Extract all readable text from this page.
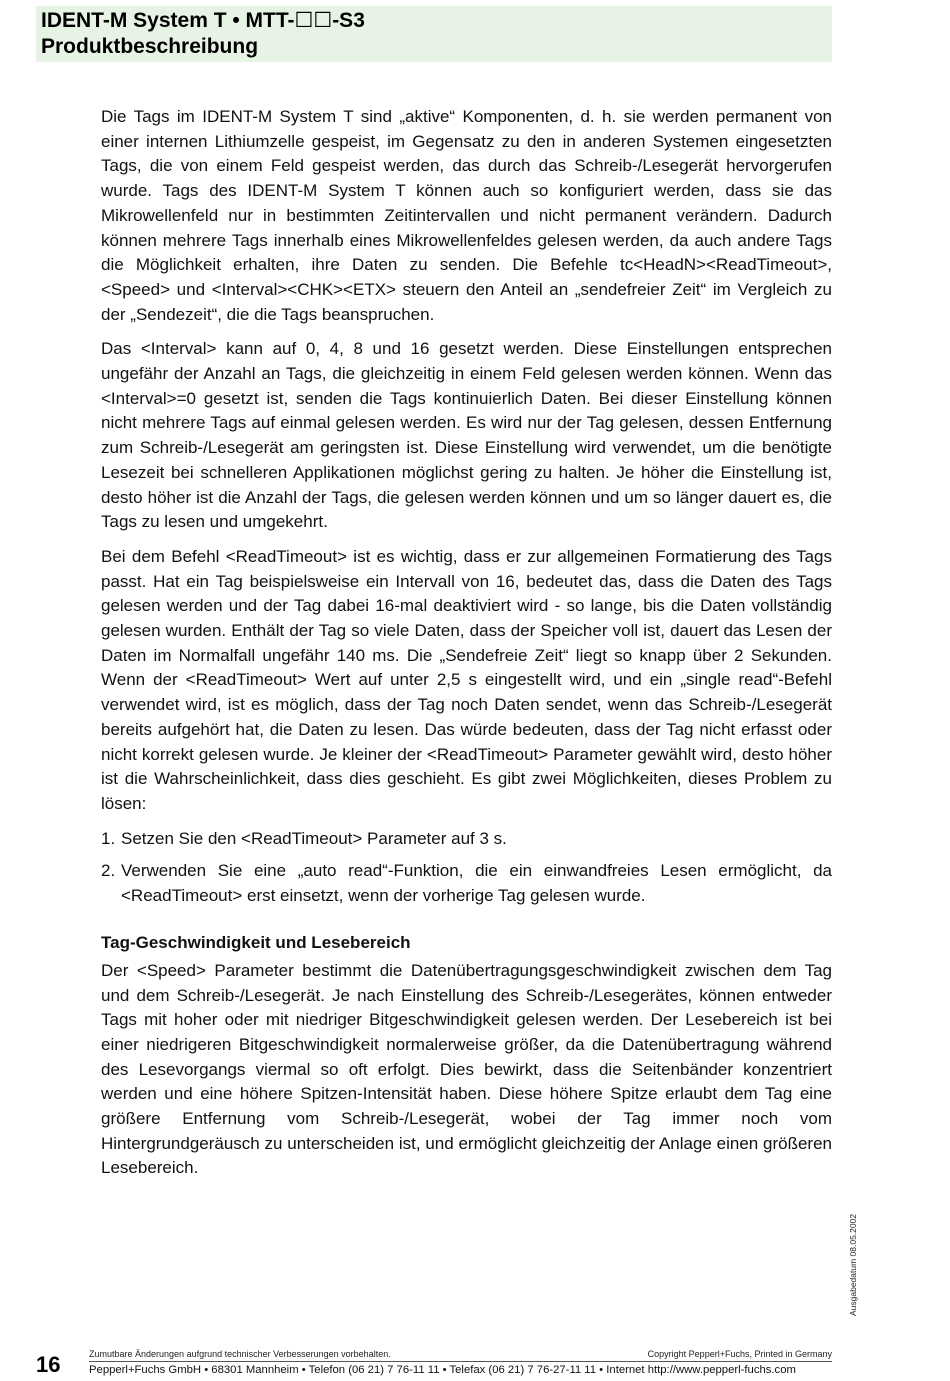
IDENT-M System T • MTT-☐☐-S3
Produktbeschreibung

Die Tags im IDENT-M System T sind „aktive“ Komponenten, d. h. sie werden permanent von einer internen Lithiumzelle gespeist, im Gegensatz zu den in anderen Systemen eingesetzten Tags, die von einem Feld gespeist werden, das durch das Schreib-/Lesegerät hervorgerufen wurde. Tags des IDENT-M System T können auch so konfiguriert werden, dass sie das Mikrowellenfeld nur in bestimmten Zeitintervallen und nicht permanent verändern. Dadurch können mehrere Tags innerhalb eines Mikrowellenfeldes gelesen werden, da auch andere Tags die Möglichkeit erhalten, ihre Daten zu senden. Die Befehle tc<HeadN><ReadTimeout>, <Speed> und <Interval><CHK><ETX> steuern den Anteil an „sendefreier Zeit“ im Vergleich zu der „Sendezeit“, die die Tags beanspruchen.

Das <Interval> kann auf 0, 4, 8 und 16 gesetzt werden. Diese Einstellungen entsprechen ungefähr der Anzahl an Tags, die gleichzeitig in einem Feld gelesen werden können. Wenn das <Interval>=0 gesetzt ist, senden die Tags kontinuierlich Daten. Bei dieser Einstellung können nicht mehrere Tags auf einmal gelesen werden. Es wird nur der Tag gelesen, dessen Entfernung zum Schreib-/Lesegerät am geringsten ist. Diese Einstellung wird verwendet, um die benötigte Lesezeit bei schnelleren Applikationen möglichst gering zu halten. Je höher die Einstellung ist, desto höher ist die Anzahl der Tags, die gelesen werden können und um so länger dauert es, die Tags zu lesen und umgekehrt.

Bei dem Befehl <ReadTimeout> ist es wichtig, dass er zur allgemeinen Formatierung des Tags passt. Hat ein Tag beispielsweise ein Intervall von 16, bedeutet das, dass die Daten des Tags gelesen werden und der Tag dabei 16-mal deaktiviert wird - so lange, bis die Daten vollständig gelesen wurden. Enthält der Tag so viele Daten, dass der Speicher voll ist, dauert das Lesen der Daten im Normalfall ungefähr 140 ms. Die „Sendefreie Zeit“ liegt so knapp über 2 Sekunden. Wenn der <ReadTimeout> Wert auf unter 2,5 s eingestellt wird, und ein „single read“-Befehl verwendet wird, ist es möglich, dass der Tag noch Daten sendet, wenn das Schreib-/Lesegerät bereits aufgehört hat, die Daten zu lesen. Das würde bedeuten, dass der Tag nicht erfasst oder nicht korrekt gelesen wurde. Je kleiner der <ReadTimeout> Parameter gewählt wird, desto höher ist die Wahrscheinlichkeit, dass dies geschieht. Es gibt zwei Möglichkeiten, dieses Problem zu lösen:

1. Setzen Sie den <ReadTimeout> Parameter auf 3 s.
2. Verwenden Sie eine „auto read“-Funktion, die ein einwandfreies Lesen ermöglicht, da <ReadTimeout> erst einsetzt, wenn der vorherige Tag gelesen wurde.
Tag-Geschwindigkeit und Lesebereich

Der <Speed> Parameter bestimmt die Datenübertragungsgeschwindigkeit zwischen dem Tag und dem Schreib-/Lesegerät. Je nach Einstellung des Schreib-/Lesegerätes, können entweder Tags mit hoher oder mit niedriger Bitgeschwindigkeit gelesen werden. Der Lesebereich ist bei einer niedrigeren Bitgeschwindigkeit normalerweise größer, da die Datenübertragung während des Lesevorgangs viermal so oft erfolgt. Dies bewirkt, dass die Seitenbänder konzentriert werden und eine höhere Spitzen-Intensität haben. Diese höhere Spitze erlaubt dem Tag eine größere Entfernung vom Schreib-/Lesegerät, wobei der Tag immer noch vom Hintergrundgeräusch zu unterscheiden ist, und ermöglicht gleichzeitig der Anlage einen größeren Lesebereich.

Ausgabedatum 08.05.2002
16	Zumutbare Änderungen aufgrund technischer Verbesserungen vorbehalten.	Copyright Pepperl+Fuchs, Printed in Germany
Pepperl+Fuchs GmbH • 68301 Mannheim • Telefon (06 21) 7 76-11 11 • Telefax (06 21) 7 76-27-11 11 • Internet http://www.pepperl-fuchs.com
